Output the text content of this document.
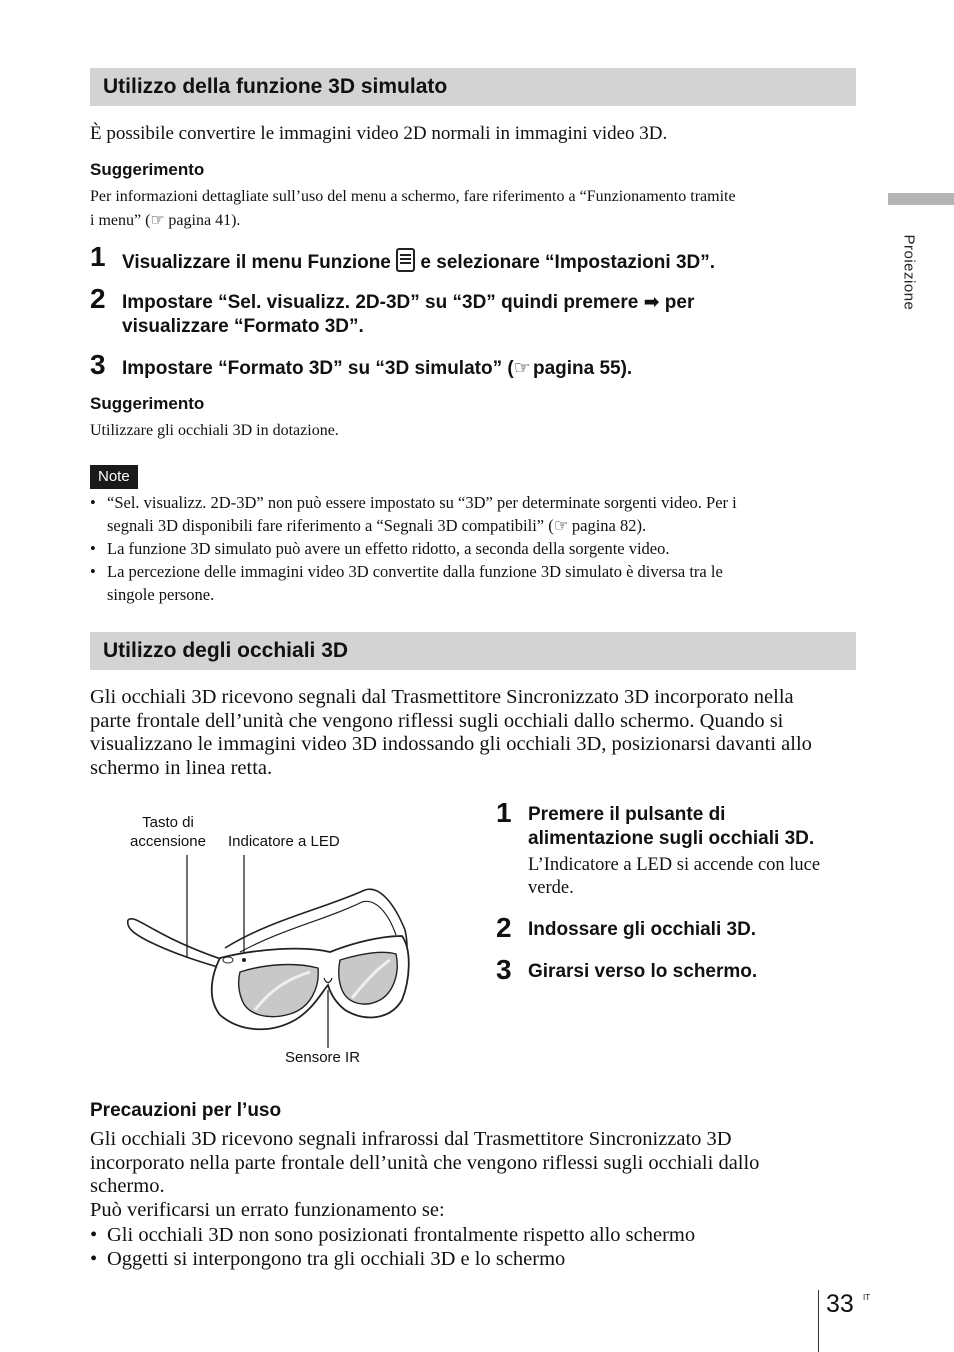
Proiezione
Utilizzo della funzione 3D simulato
È possibile convertire le immagini video 2D normali in immagini video 3D.
Suggerimento
Per informazioni dettagliate sull’uso del menu a schermo, fare riferimento a “Funzionamento tramite
i menu” (☞ pagina 41).
1 Visualizzare il menu Funzione
e selezionare “Impostazioni 3D”.
2 Impostare “Sel. visualizz. 2D-3D” su “3D” quindi premere ➡ per
visualizzare “Formato 3D”.
3 Impostare “Formato 3D” su “3D simulato” (☞ pagina 55).
Suggerimento
Utilizzare gli occhiali 3D in dotazione.
Note
• “Sel. visualizz. 2D-3D” non può essere impostato su “3D” per determinate sorgenti video. Per i
segnali 3D disponibili fare riferimento a “Segnali 3D compatibili” (☞ pagina 82).
• La funzione 3D simulato può avere un effetto ridotto, a seconda della sorgente video.
• La percezione delle immagini video 3D convertite dalla funzione 3D simulato è diversa tra le
singole persone.
Utilizzo degli occhiali 3D
Gli occhiali 3D ricevono segnali dal Trasmettitore Sincronizzato 3D incorporato nella
parte frontale dell’unità che vengono riflessi sugli occhiali dallo schermo. Quando si
visualizzano le immagini video 3D indossando gli occhiali 3D, posizionarsi davanti allo
schermo in linea retta.
Tasto di
accensione	Indicatore a LED
Sensore IR
1 Premere il pulsante di
alimentazione sugli occhiali 3D.
L’Indicatore a LED si accende con luce
verde.
2 Indossare gli occhiali 3D.
3 Girarsi verso lo schermo.
Precauzioni per l’uso
Gli occhiali 3D ricevono segnali infrarossi dal Trasmettitore Sincronizzato 3D
incorporato nella parte frontale dell’unità che vengono riflessi sugli occhiali dallo
schermo.
Può verificarsi un errato funzionamento se:
• Gli occhiali 3D non sono posizionati frontalmente rispetto allo schermo
• Oggetti si interpongono tra gli occhiali 3D e lo schermo
33 IT
